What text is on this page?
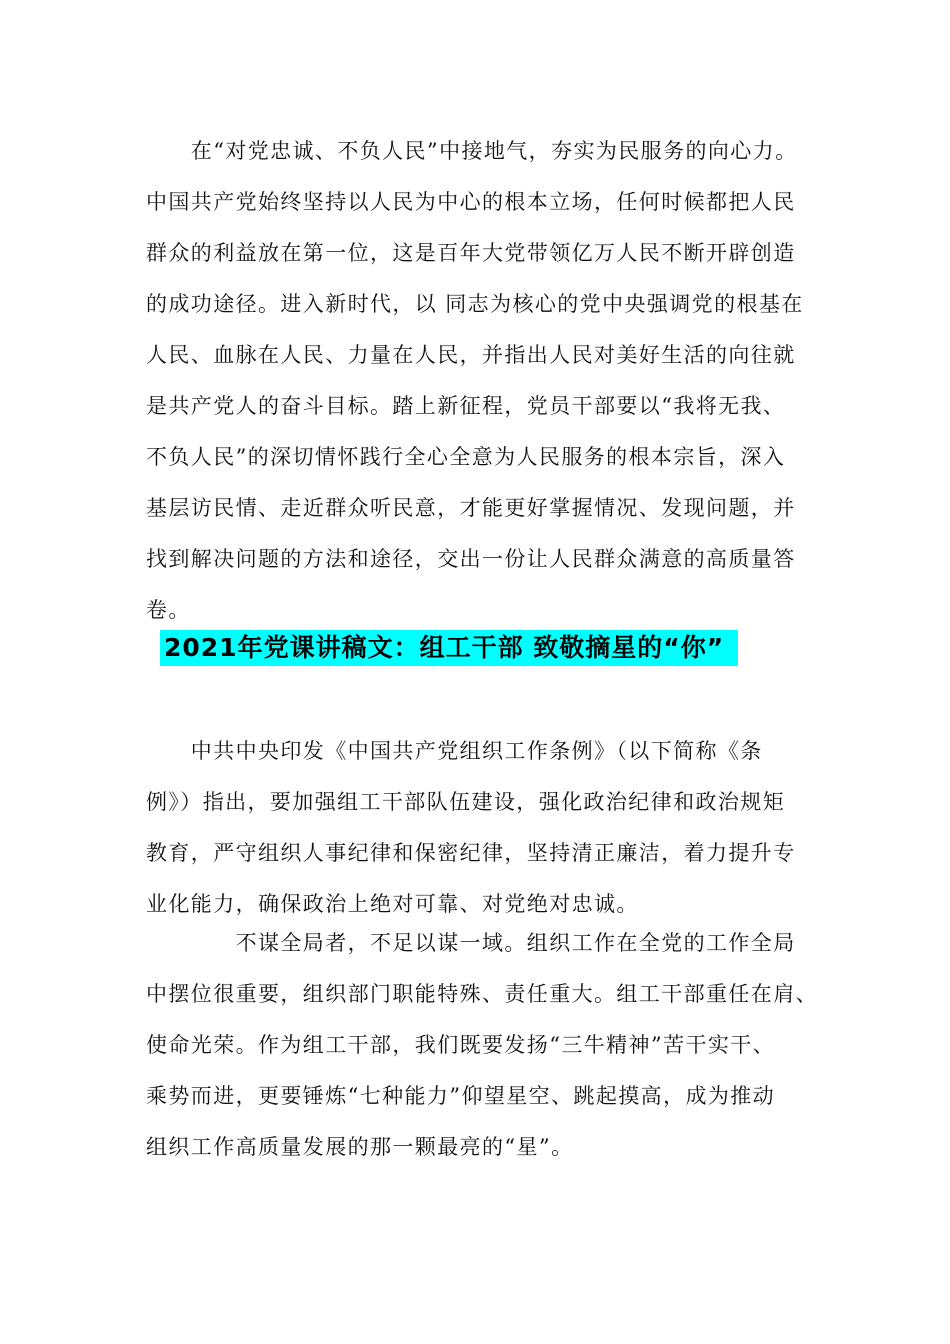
　　在“对党忠诚、不负人民”中接地气，夯实为民服务的向心力。
中国共产党始终坚持以人民为中心的根本立场，任何时候都把人民
群众的利益放在第一位，这是百年大党带领亿万人民不断开辟创造
的成功途径。进入新时代，以 同志为核心的党中央强调党的根基在
人民、血脉在人民、力量在人民，并指出人民对美好生活的向往就
是共产党人的奋斗目标。踏上新征程，党员干部要以“我将无我、
不负人民”的深切情怀践行全心全意为人民服务的根本宗旨，深入
基层访民情、走近群众听民意，才能更好掌握情况、发现问题，并
找到解决问题的方法和途径，交出一份让人民群众满意的高质量答
卷。
2021年党课讲稿文：组工干部 致敬摘星的“你”
　　中共中央印发《中国共产党组织工作条例》（以下简称《条
例》）指出，要加强组工干部队伍建设，强化政治纪律和政治规矩
教育，严守组织人事纪律和保密纪律，坚持清正廉洁，着力提升专
业化能力，确保政治上绝对可靠、对党绝对忠诚。
　　　　不谋全局者，不足以谋一域。组织工作在全党的工作全局
中摆位很重要，组织部门职能特殊、责任重大。组工干部重任在肩、
使命光荣。作为组工干部，我们既要发扬“三牛精神”苦干实干、
乘势而进，更要锤炼“七种能力”仰望星空、跳起摸高，成为推动
组织工作高质量发展的那一颗最亮的“星”。
